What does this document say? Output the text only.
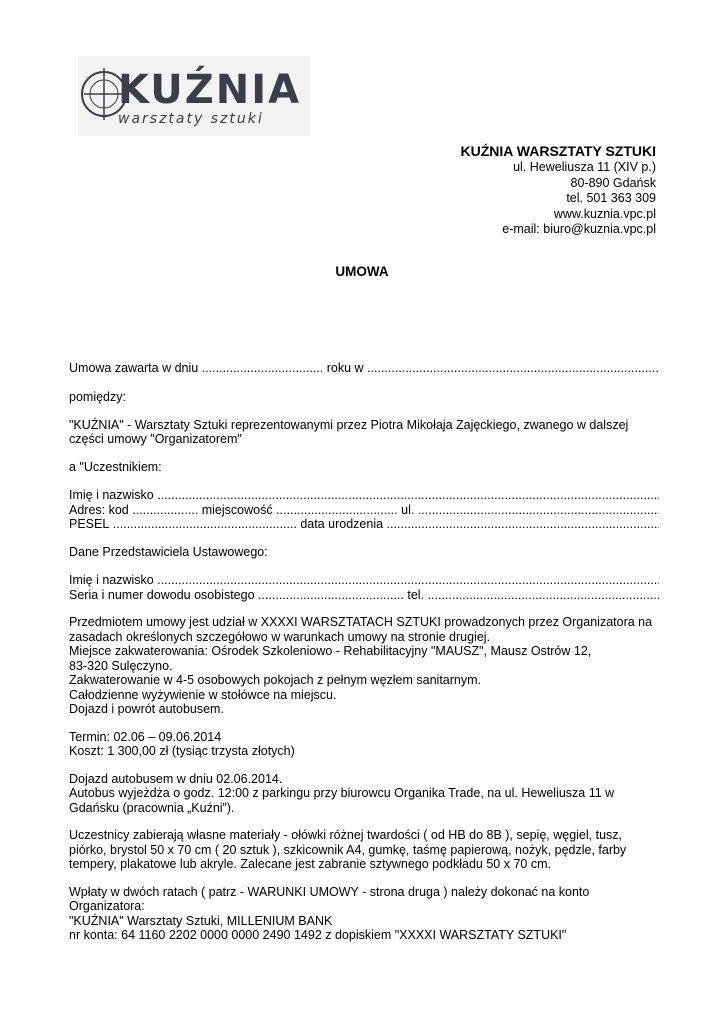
KUŹNIA
warsztaty sztuki
KUŹNIA WARSZTATY SZTUKI
ul. Heweliusza 11 (XIV p.)
80-890 Gdańsk
tel. 501 363 309
www.kuznia.vpc.pl
e-mail: biuro@kuznia.vpc.pl
UMOWA
Umowa zawarta w dniu
...................................
roku w

.....

pomiędzy:

"KUŹNIA" - Warsztaty Sztuki reprezentowanymi przez Piotra Mikołaja Zajęckiego, zwanego w dalszej części umowy "Organizatorem"

a "Uczestnikiem:

Imię i nazwisko

.....
Adres: kod
...................
miejscowość
...................................
ul.

.....
PESEL
.....................................................
data urodzenia

.....

Dane Przedstawiciela Ustawowego:

Imię i nazwisko

.....
Seria i numer dowodu osobistego
..........................................
tel.

.....

Przedmiotem umowy jest udział w XXXXI WARSZTATACH SZTUKI prowadzonych przez Organizatora na zasadach określonych szczegółowo w warunkach umowy na stronie drugiej.

Miejsce zakwaterowania: Ośrodek Szkoleniowo - Rehabilitacyjny "MAUSZ", Mausz Ostrów 12,

83-320 Sulęczyno.

Zakwaterowanie w 4-5 osobowych pokojach z pełnym węzłem sanitarnym.

Całodzienne wyżywienie w stołówce na miejscu.

Dojazd i powrót autobusem.

Termin: 02.06 – 09.06.2014

Koszt: 1 300,00 zł (tysiąc trzysta złotych)

Dojazd autobusem w dniu 02.06.2014.

Autobus wyjeżdża o godz. 12:00 z parkingu przy biurowcu Organika Trade, na ul. Heweliusza 11 w Gdańsku (pracownia „Kuźni”).

Uczestnicy zabierają własne materiały - ołówki różnej twardości ( od HB do 8B ), sepię, węgiel, tusz, piórko, brystol 50 x 70 cm ( 20 sztuk ), szkicownik A4, gumkę, taśmę papierową, nożyk, pędzle, farby tempery, plakatowe lub akryle. Zalecane jest zabranie sztywnego podkładu 50 x 70 cm.

Wpłaty w dwóch ratach ( patrz - WARUNKI UMOWY - strona druga ) należy dokonać na konto Organizatora:

"KUŹNIA" Warsztaty Sztuki, MILLENIUM BANK

nr konta: 64 1160 2202 0000 0000 2490 1492 z dopiskiem "XXXXI WARSZTATY SZTUKI"
